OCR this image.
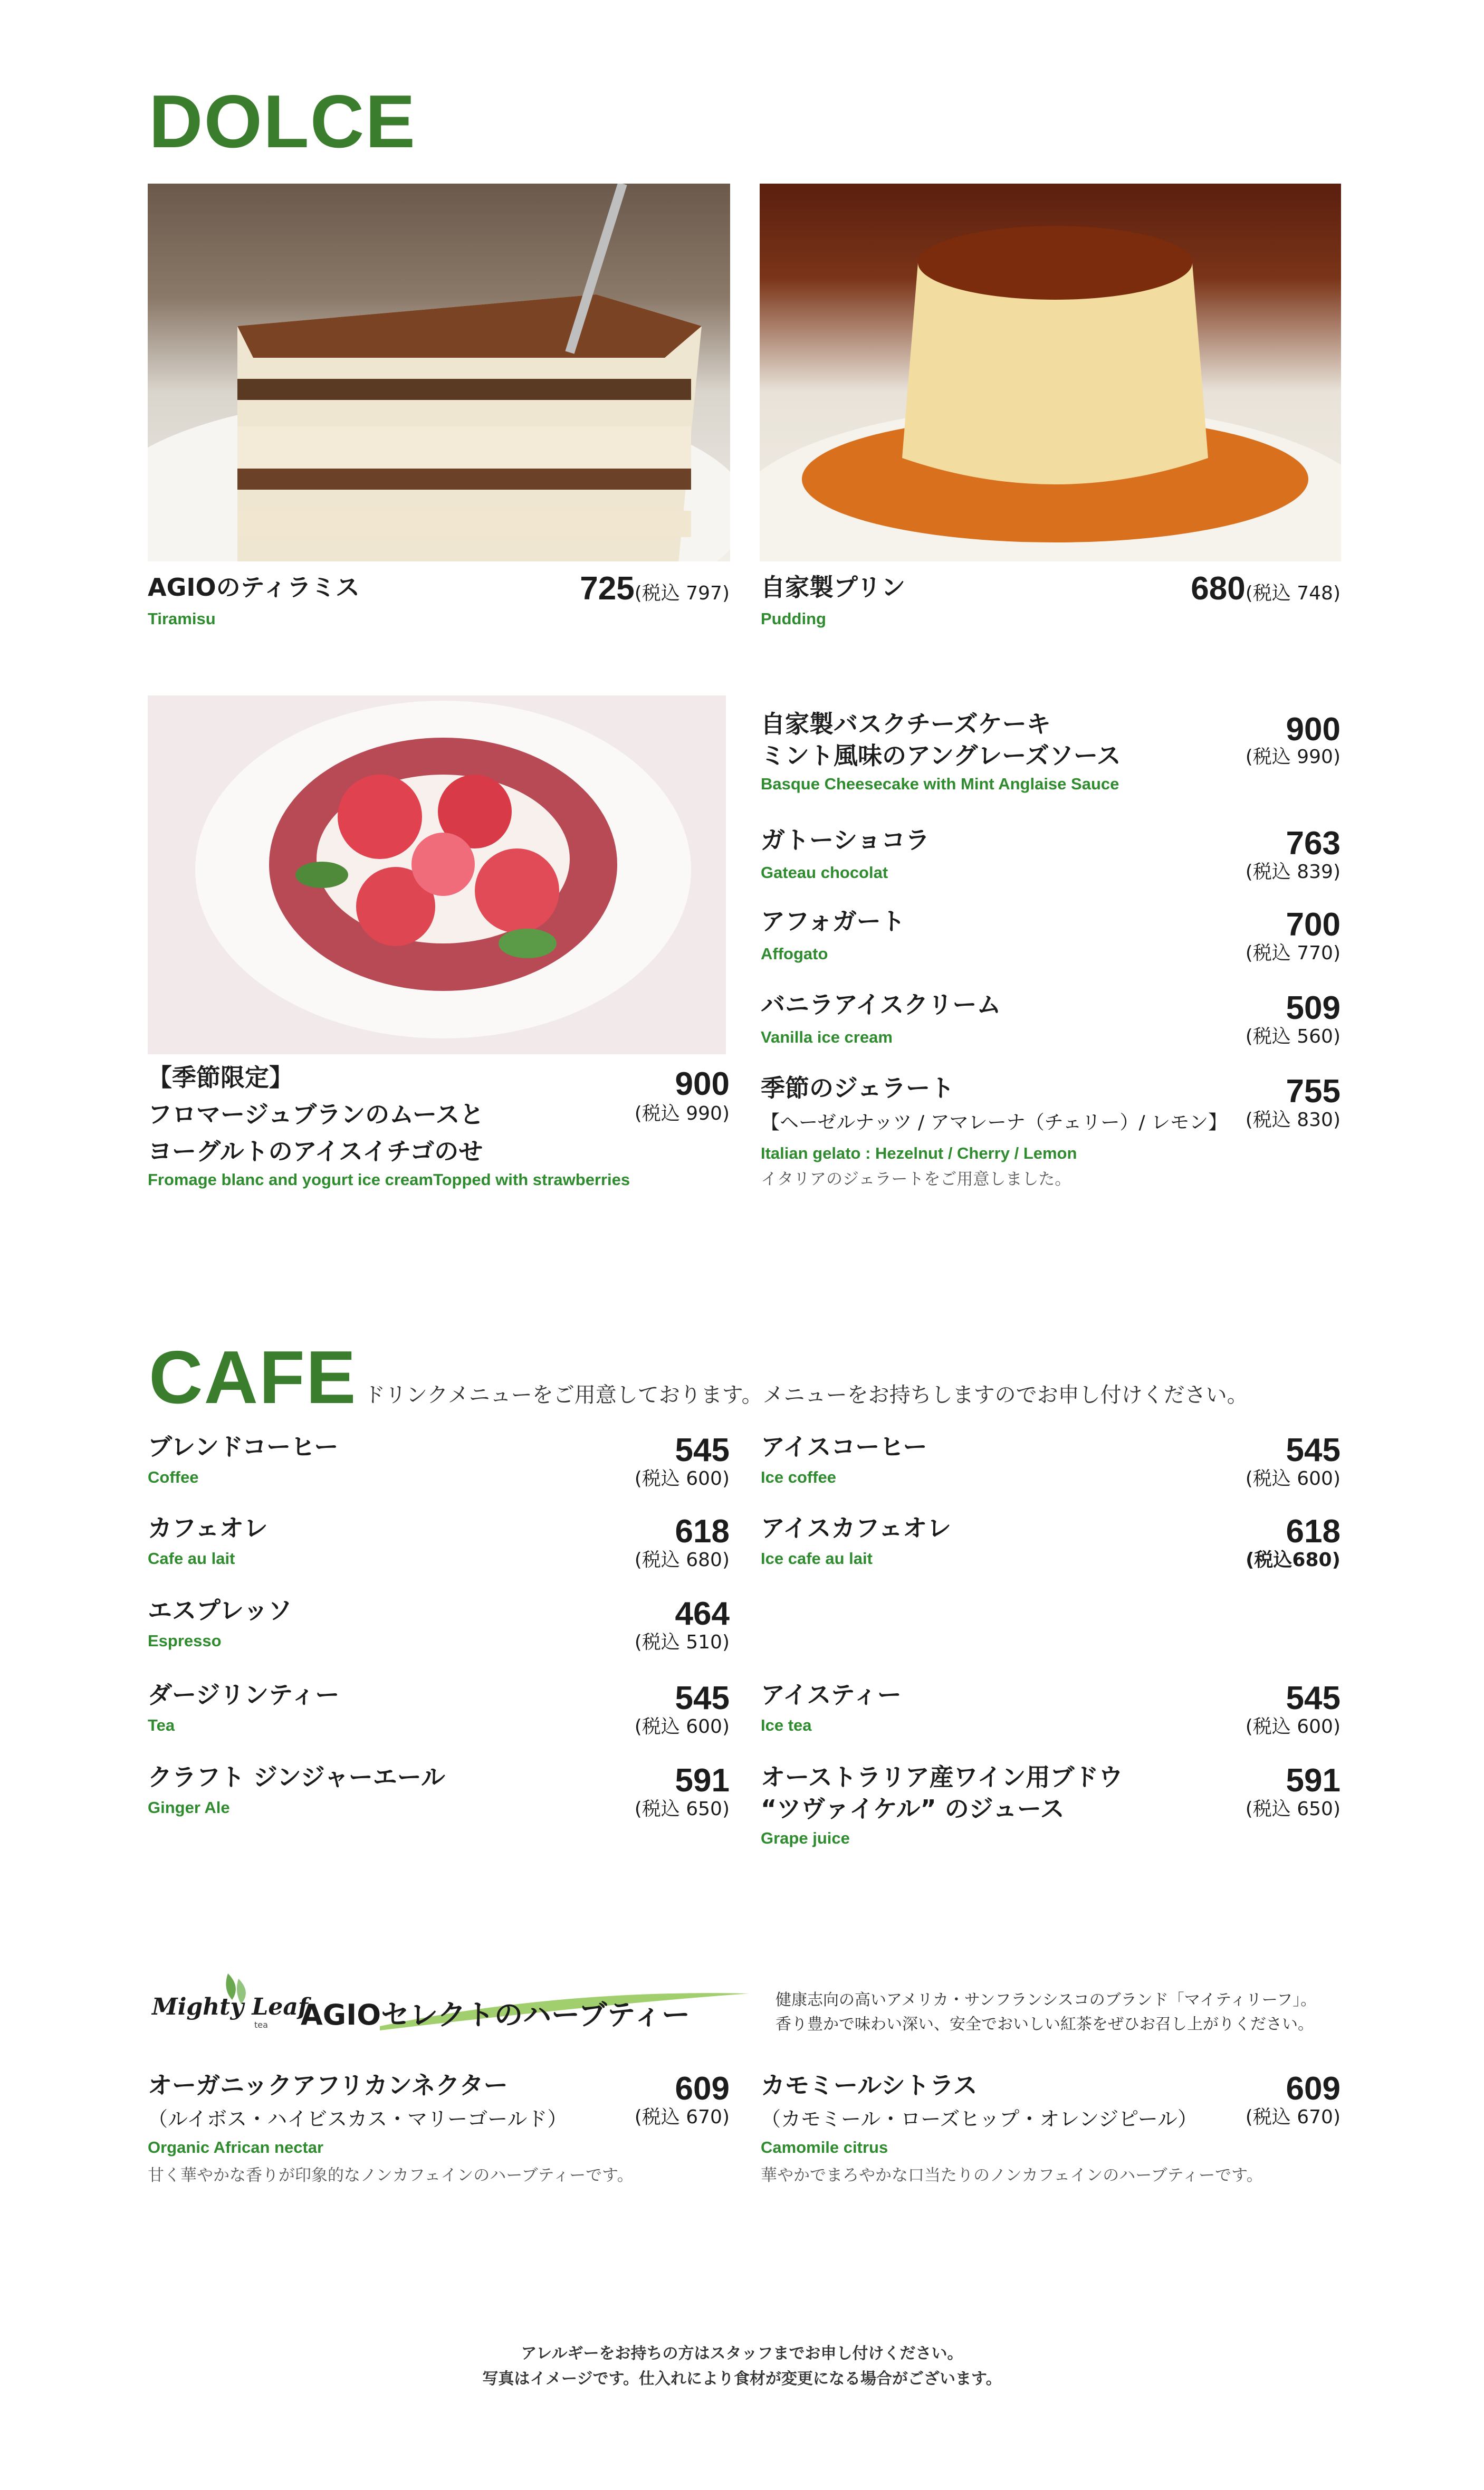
DOLCE
AGIOのティラミス
Tiramisu
725(税込 797) 自家製プリン
Pudding
680(税込 748)
【季節限定】
フロマージュブランのムースと
ヨーグルトのアイスイチゴのせ
Fromage blanc and yogurt ice creamTopped with strawberries
900
(税込 990)
自家製バスクチーズケーキ
ミント風味のアングレーズソース
Basque Cheesecake with Mint Anglaise Sauce
900
(税込 990)
ガトーショコラ
Gateau chocolat
763
(税込 839)
アフォガート
Affogato
700
(税込 770)
バニラアイスクリーム
Vanilla ice cream
509
(税込 560)
季節のジェラート
【ヘーゼルナッツ / アマレーナ（チェリー）/ レモン】
Italian gelato : Hezelnut / Cherry / Lemon
イタリアのジェラートをご用意しました。
755
(税込 830)
CAFE ドリンクメニューをご用意しております。メニューをお持ちしますのでお申し付けください。
ブレンドコーヒー
Coffee
545
(税込 600)
カフェオレ
Cafe au lait
618
(税込 680)
エスプレッソ
Espresso
464
(税込 510)
ダージリンティー
Tea
545
(税込 600)
クラフト ジンジャーエール
Ginger Ale
591
(税込 650)
アイスコーヒー
Ice coffee
545
(税込 600)
アイスカフェオレ
Ice cafe au lait
618
(税込680)
アイスティー
Ice tea
545
(税込 600)
オーストラリア産ワイン用ブドウ
“ツヴァイケル” のジュース
Grape juice
591
(税込 650)
Mighty Leaf
tea AGIOセレクトのハーブティー	健康志向の高いアメリカ・サンフランシスコのブランド「マイティリーフ」。
香り豊かで味わい深い、安全でおいしい紅茶をぜひお召し上がりください。
オーガニックアフリカンネクター
（ルイボス・ハイビスカス・マリーゴールド）
Organic African nectar
甘く華やかな香りが印象的なノンカフェインのハーブティーです。
609
(税込 670)
カモミールシトラス
（カモミール・ローズヒップ・オレンジピール）
Camomile citrus
華やかでまろやかな口当たりのノンカフェインのハーブティーです。
609
(税込 670)
アレルギーをお持ちの方はスタッフまでお申し付けください。
写真はイメージです。仕入れにより食材が変更になる場合がございます。
